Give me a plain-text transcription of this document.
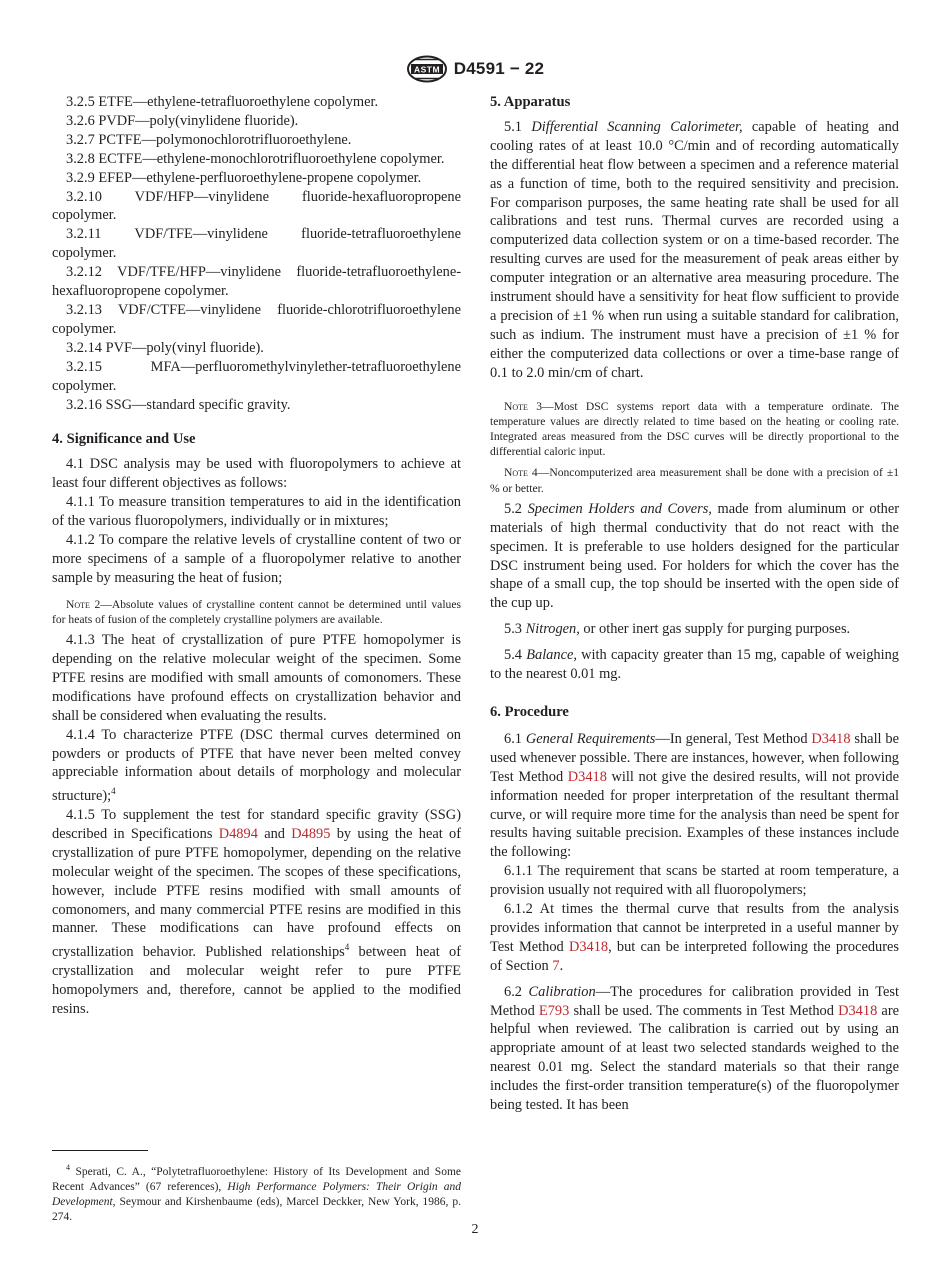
ASTM D4591 − 22

3.2.5 ETFE—ethylene-tetrafluoroethylene copolymer.

3.2.6 PVDF—poly(vinylidene fluoride).

3.2.7 PCTFE—polymonochlorotrifluoroethylene.

3.2.8 ECTFE—ethylene-monochlorotrifluoroethylene copolymer.

3.2.9 EFEP—ethylene-perfluoroethylene-propene copolymer.

3.2.10 VDF/HFP—vinylidene fluoride-hexafluoropropene copolymer.

3.2.11 VDF/TFE—vinylidene fluoride-tetrafluoroethylene copolymer.

3.2.12 VDF/TFE/HFP—vinylidene fluoride-tetrafluoroethylene-hexafluoropropene copolymer.

3.2.13 VDF/CTFE—vinylidene fluoride-chlorotrifluoroethylene copolymer.

3.2.14 PVF—poly(vinyl fluoride).

3.2.15 MFA—perfluoromethylvinylether-tetrafluoroethylene copolymer.

3.2.16 SSG—standard specific gravity.

4. Significance and Use

4.1 DSC analysis may be used with fluoropolymers to achieve at least four different objectives as follows:

4.1.1 To measure transition temperatures to aid in the identification of the various fluoropolymers, individually or in mixtures;

4.1.2 To compare the relative levels of crystalline content of two or more specimens of a sample of a fluoropolymer relative to another sample by measuring the heat of fusion;

Note 2—Absolute values of crystalline content cannot be determined until values for heats of fusion of the completely crystalline polymers are available.

4.1.3 The heat of crystallization of pure PTFE homopolymer is depending on the relative molecular weight of the specimen. Some PTFE resins are modified with small amounts of comonomers. These modifications have profound effects on crystallization behavior and shall be considered when evaluating the results.

4.1.4 To characterize PTFE (DSC thermal curves determined on powders or products of PTFE that have never been melted convey appreciable information about details of morphology and molecular structure);$^4$

4.1.5 To supplement the test for standard specific gravity (SSG) described in Specifications D4894 and D4895 by using the heat of crystallization of pure PTFE homopolymer, depending on the relative molecular weight of the specimen. The scopes of these specifications, however, include PTFE resins modified with small amounts of comonomers, and many commercial PTFE resins are modified in this manner. These modifications can have profound effects on crystallization behavior. Published relationships$^4$ between heat of crystallization and molecular weight refer to pure PTFE homopolymers and, therefore, cannot be applied to the modified resins.

$^4$ Sperati, C. A., “Polytetrafluoroethylene: History of Its Development and Some Recent Advances” (67 references), High Performance Polymers: Their Origin and Development, Seymour and Kirshenbaume (eds), Marcel Deckker, New York, 1986, p. 274.

5. Apparatus

5.1 Differential Scanning Calorimeter, capable of heating and cooling rates of at least 10.0 °C/min and of recording automatically the differential heat flow between a specimen and a reference material as a function of time, both to the required sensitivity and precision. For comparison purposes, the same heating rate shall be used for all calibrations and test runs. Thermal curves are recorded using a computerized data collection system or on a time-based recorder. The resulting curves are used for the measurement of peak areas either by computer integration or an alternative area measuring procedure. The instrument should have a sensitivity for heat flow sufficient to provide a precision of ±1 % when run using a suitable standard for calibration, such as indium. The instrument must have a precision of ±1 % for either the computerized data collections or over a time-base range of 0.1 to 2.0 min/cm of chart.

Note 3—Most DSC systems report data with a temperature ordinate. The temperature values are directly related to time based on the heating or cooling rate. Integrated areas measured from the DSC curves will be directly proportional to the differential caloric input.

Note 4—Noncomputerized area measurement shall be done with a precision of ±1 % or better.

5.2 Specimen Holders and Covers, made from aluminum or other materials of high thermal conductivity that do not react with the specimen. It is preferable to use holders designed for the particular DSC instrument being used. For holders for which the cover has the shape of a small cup, the top should be inserted with the open side of the cup up.

5.3 Nitrogen, or other inert gas supply for purging purposes.

5.4 Balance, with capacity greater than 15 mg, capable of weighing to the nearest 0.01 mg.

6. Procedure

6.1 General Requirements—In general, Test Method D3418 shall be used whenever possible. There are instances, however, when following Test Method D3418 will not give the desired results, will not provide information needed for proper interpretation of the resultant thermal curve, or will require more time for the analysis than need be spent for results having suitable precision. Examples of these instances include the following:

6.1.1 The requirement that scans be started at room temperature, a provision usually not required with all fluoropolymers;

6.1.2 At times the thermal curve that results from the analysis provides information that cannot be interpreted in a useful manner by Test Method D3418, but can be interpreted following the procedures of Section 7.

6.2 Calibration—The procedures for calibration provided in Test Method E793 shall be used. The comments in Test Method D3418 are helpful when reviewed. The calibration is carried out by using an appropriate amount of at least two selected standards weighed to the nearest 0.01 mg. Select the standard materials so that their range includes the first-order transition temperature(s) of the fluoropolymer being tested. It has been

2
